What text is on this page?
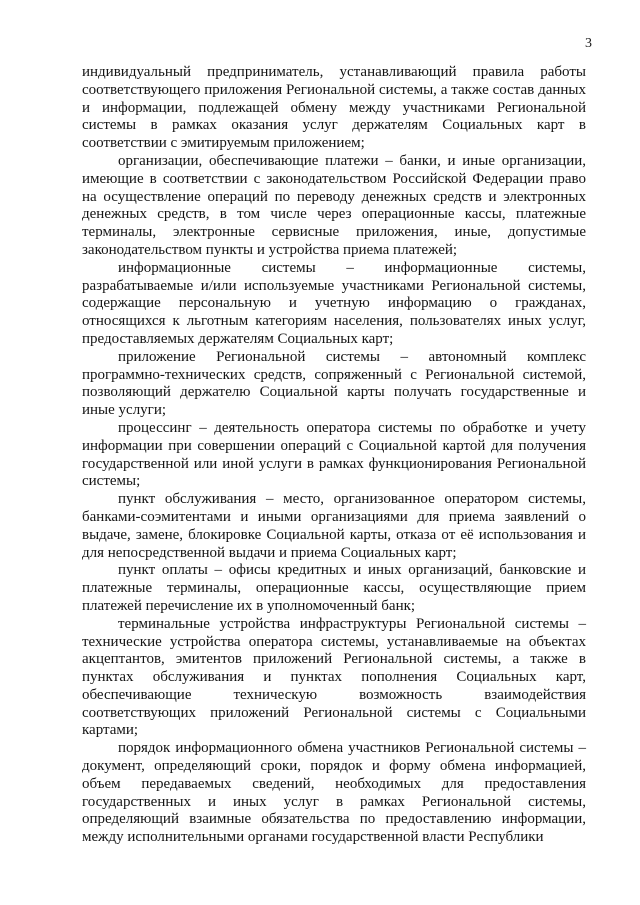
3

индивидуальный предприниматель, устанавливающий правила работы соответствующего приложения Региональной системы, а также состав данных и информации, подлежащей обмену между участниками Региональной системы в рамках оказания услуг держателям Социальных карт в соответствии с эмитируемым приложением;

организации, обеспечивающие платежи – банки, и иные организации, имеющие в соответствии с законодательством Российской Федерации право на осуществление операций по переводу денежных средств и электронных денежных средств, в том числе через операционные кассы, платежные терминалы, электронные сервисные приложения, иные, допустимые законодательством пункты и устройства приема платежей;

информационные системы – информационные системы, разрабатываемые и/или используемые участниками Региональной системы, содержащие персональную и учетную информацию о гражданах, относящихся к льготным категориям населения, пользователях иных услуг, предоставляемых держателям Социальных карт;

приложение Региональной системы – автономный комплекс программно-технических средств, сопряженный с Региональной системой, позволяющий держателю Социальной карты получать государственные и иные услуги;

процессинг – деятельность оператора системы по обработке и учету информации при совершении операций с Социальной картой для получения государственной или иной услуги в рамках функционирования Региональной системы;

пункт обслуживания – место, организованное оператором системы, банками-соэмитентами и иными организациями для приема заявлений о выдаче, замене, блокировке Социальной карты, отказа от её использования и для непосредственной выдачи и приема Социальных карт;

пункт оплаты – офисы кредитных и иных организаций, банковские и платежные терминалы, операционные кассы, осуществляющие прием платежей перечисление их в уполномоченный банк;

терминальные устройства инфраструктуры Региональной системы – технические устройства оператора системы, устанавливаемые на объектах акцептантов, эмитентов приложений Региональной системы, а также в пунктах обслуживания и пунктах пополнения Социальных карт, обеспечивающие техническую возможность взаимодействия соответствующих приложений Региональной системы с Социальными картами;

порядок информационного обмена участников Региональной системы – документ, определяющий сроки, порядок и форму обмена информацией, объем передаваемых сведений, необходимых для предоставления государственных и иных услуг в рамках Региональной системы, определяющий взаимные обязательства по предоставлению информации, между исполнительными органами государственной власти Республики
